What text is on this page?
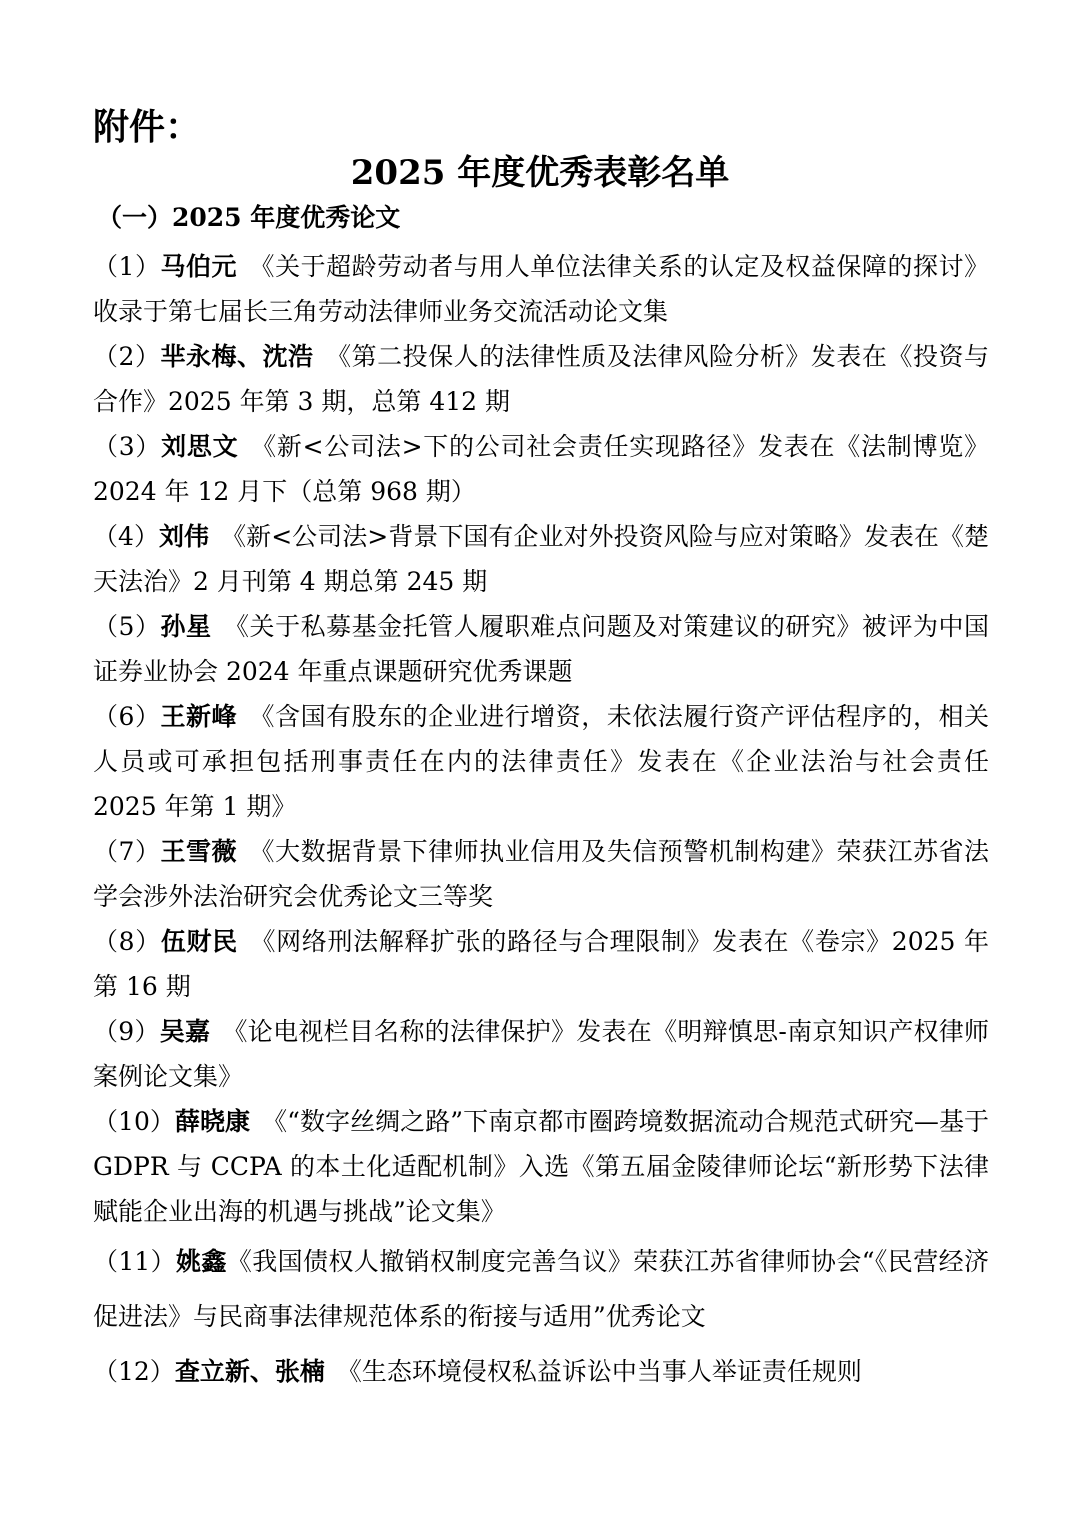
附件：
2025 年度优秀表彰名单
（一）2025 年度优秀论文
（1）马伯元 《关于超龄劳动者与用人单位法律关系的认定及权益保障的探讨》收录于第七届长三角劳动法律师业务交流活动论文集
（2）芈永梅、沈浩 《第二投保人的法律性质及法律风险分析》发表在《投资与合作》2025 年第 3 期，总第 412 期
（3）刘思文 《新<公司法>下的公司社会责任实现路径》发表在《法制博览》2024 年 12 月下（总第 968 期）
（4）刘伟 《新<公司法>背景下国有企业对外投资风险与应对策略》发表在《楚天法治》2 月刊第 4 期总第 245 期
（5）孙星 《关于私募基金托管人履职难点问题及对策建议的研究》被评为中国证券业协会 2024 年重点课题研究优秀课题
（6）王新峰 《含国有股东的企业进行增资，未依法履行资产评估程序的，相关人员或可承担包括刑事责任在内的法律责任》发表在《企业法治与社会责任 2025 年第 1 期》
（7）王雪薇 《大数据背景下律师执业信用及失信预警机制构建》荣获江苏省法学会涉外法治研究会优秀论文三等奖
（8）伍财民 《网络刑法解释扩张的路径与合理限制》发表在《卷宗》2025 年第 16 期
（9）吴嘉 《论电视栏目名称的法律保护》发表在《明辩慎思-南京知识产权律师案例论文集》
（10）薛晓康 《“数字丝绸之路”下南京都市圈跨境数据流动合规范式研究—基于 GDPR 与 CCPA 的本土化适配机制》入选《第五届金陵律师论坛“新形势下法律赋能企业出海的机遇与挑战”论文集》
（11）姚鑫《我国债权人撤销权制度完善刍议》荣获江苏省律师协会“《民营经济促进法》与民商事法律规范体系的衔接与适用”优秀论文
（12）查立新、张楠 《生态环境侵权私益诉讼中当事人举证责任规则
